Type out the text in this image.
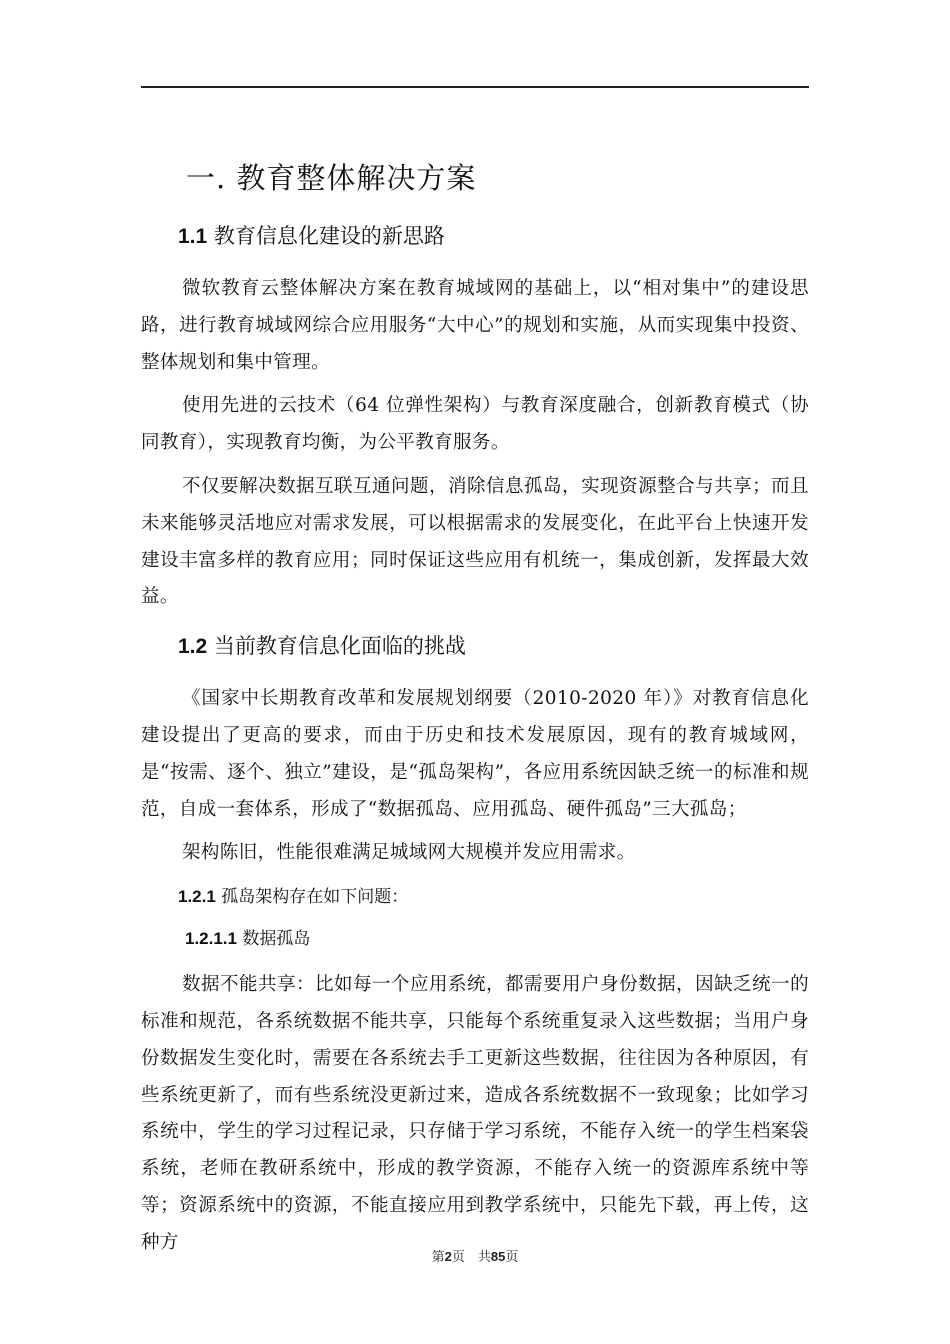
一. 教育整体解决方案
1.1 教育信息化建设的新思路

微软教育云整体解决方案在教育城域网的基础上，以“相对集中”的建设思路，进行教育城域网综合应用服务“大中心”的规划和实施，从而实现集中投资、整体规划和集中管理。

使用先进的云技术（64 位弹性架构）与教育深度融合，创新教育模式（协同教育），实现教育均衡，为公平教育服务。

不仅要解决数据互联互通问题，消除信息孤岛，实现资源整合与共享；而且未来能够灵活地应对需求发展，可以根据需求的发展变化，在此平台上快速开发建设丰富多样的教育应用；同时保证这些应用有机统一，集成创新，发挥最大效益。

1.2 当前教育信息化面临的挑战

《国家中长期教育改革和发展规划纲要（2010-2020 年）》对教育信息化建设提出了更高的要求，而由于历史和技术发展原因，现有的教育城域网，是“按需、逐个、独立”建设，是“孤岛架构”，各应用系统因缺乏统一的标准和规范，自成一套体系，形成了“数据孤岛、应用孤岛、硬件孤岛”三大孤岛；

架构陈旧，性能很难满足城域网大规模并发应用需求。

1.2.1 孤岛架构存在如下问题：
1.2.1.1 数据孤岛

数据不能共享：比如每一个应用系统，都需要用户身份数据，因缺乏统一的标准和规范，各系统数据不能共享，只能每个系统重复录入这些数据；当用户身份数据发生变化时，需要在各系统去手工更新这些数据，往往因为各种原因，有些系统更新了，而有些系统没更新过来，造成各系统数据不一致现象；比如学习系统中，学生的学习过程记录，只存储于学习系统，不能存入统一的学生档案袋系统，老师在教研系统中，形成的教学资源，不能存入统一的资源库系统中等等；资源系统中的资源，不能直接应用到教学系统中，只能先下载，再上传，这种方

第2页　共85页
